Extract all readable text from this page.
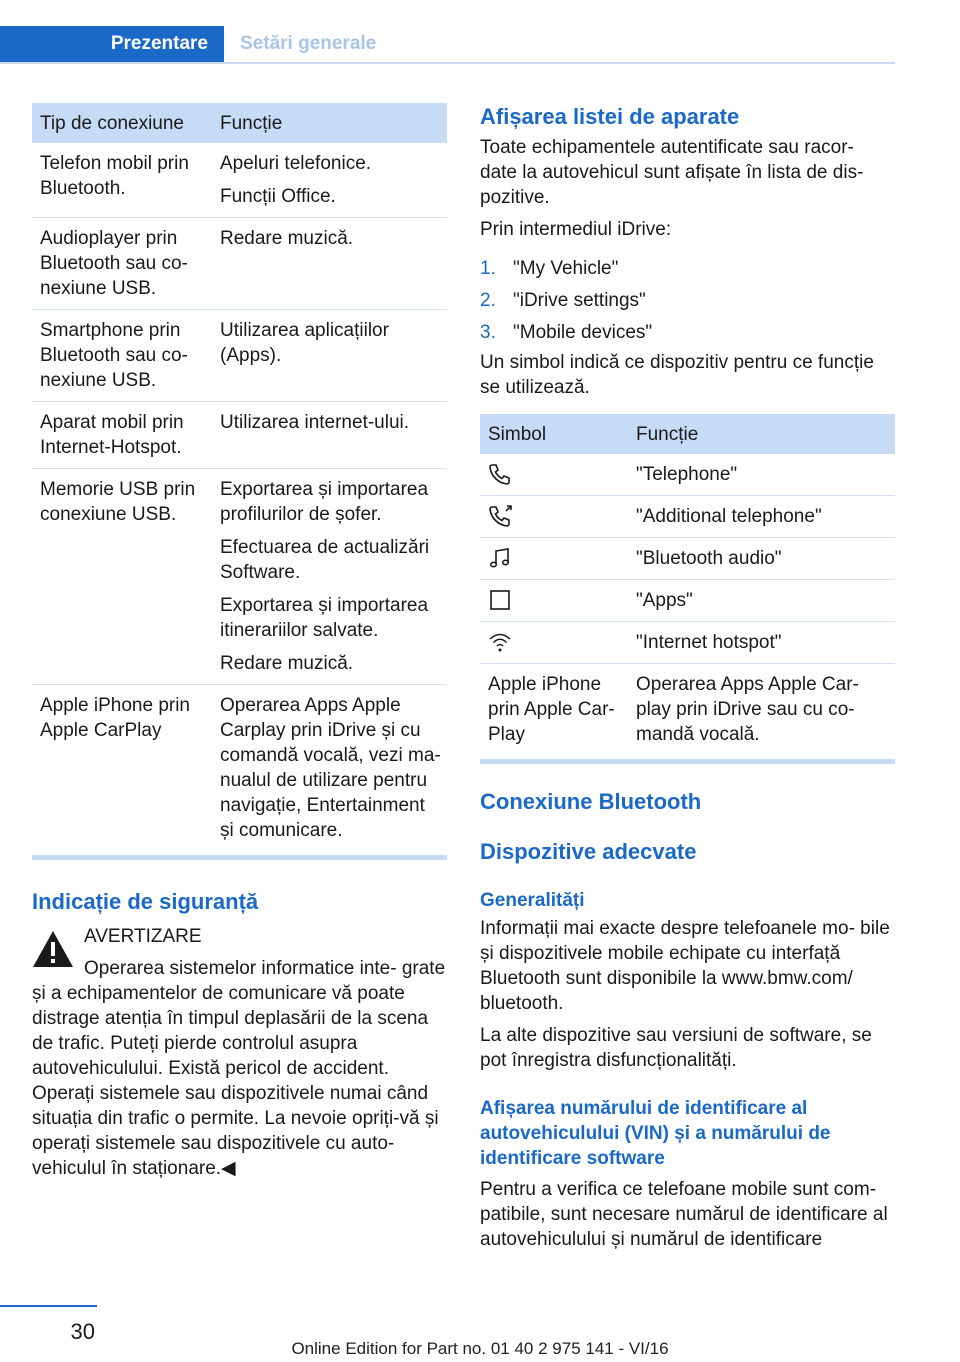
Prezentare	Setări generale
Tip de conexiune	Funcție
Telefon mobil prin Bluetooth.	Apeluri telefonice.

Funcții Office.

Audioplayer prin Bluetooth sau co‐ nexiune USB.	Redare muzică.

Smartphone prin Bluetooth sau co‐ nexiune USB.	Utilizarea aplicațiilor (Apps).

Aparat mobil prin Internet-Hotspot.	Utilizarea internet-ului.

Memorie USB prin conexiune USB.	Exportarea și importarea profilurilor de șofer.

Efectuarea de actualizări Software.

Exportarea și importarea itinerariilor salvate.

Redare muzică.

Apple iPhone prin Apple CarPlay	Operarea Apps Apple Carplay prin iDrive și cu comandă vocală, vezi ma‐ nualul de utilizare pentru navigație, Entertainment și comunicare.

Indicație de siguranță
AVERTIZARE

Operarea sistemelor informatice inte‐ grate și a echipamentelor de comunicare vă poate distrage atenția în timpul deplasării de la scena de trafic. Puteți pierde controlul asupra autovehiculului. Există pericol de accident. Operați sistemele sau dispozitivele numai când situația din trafic o permite. La nevoie opriți-vă și operați sistemele sau dispozitivele cu auto‐ vehiculul în staționare.◀

Afișarea listei de aparate

Toate echipamentele autentificate sau racor‐ date la autovehicul sunt afișate în lista de dis‐ pozitive.

Prin intermediul iDrive:

1. "My Vehicle"
2. "iDrive settings"
3. "Mobile devices"

Un simbol indică ce dispozitiv pentru ce funcție se utilizează.

Simbol	Funcție

	"Telephone"

	"Additional telephone"

	"Bluetooth audio"

	"Apps"

	"Internet hotspot"
Apple iPhone prin Apple Car‐ Play	Operarea Apps Apple Car‐ play prin iDrive sau cu co‐ mandă vocală.
Conexiune Bluetooth
Dispozitive adecvate
Generalități

Informații mai exacte despre telefoanele mo‐ bile și dispozitivele mobile echipate cu interfață Bluetooth sunt disponibile la www.bmw.com/ bluetooth.

La alte dispozitive sau versiuni de software, se pot înregistra disfuncționalități.

Afișarea numărului de identificare al autovehiculului (VIN) și a numărului de identificare software

Pentru a verifica ce telefoane mobile sunt com‐ patibile, sunt necesare numărul de identificare al autovehiculului și numărul de identificare

30
Online Edition for Part no. 01 40 2 975 141 - VI/16
